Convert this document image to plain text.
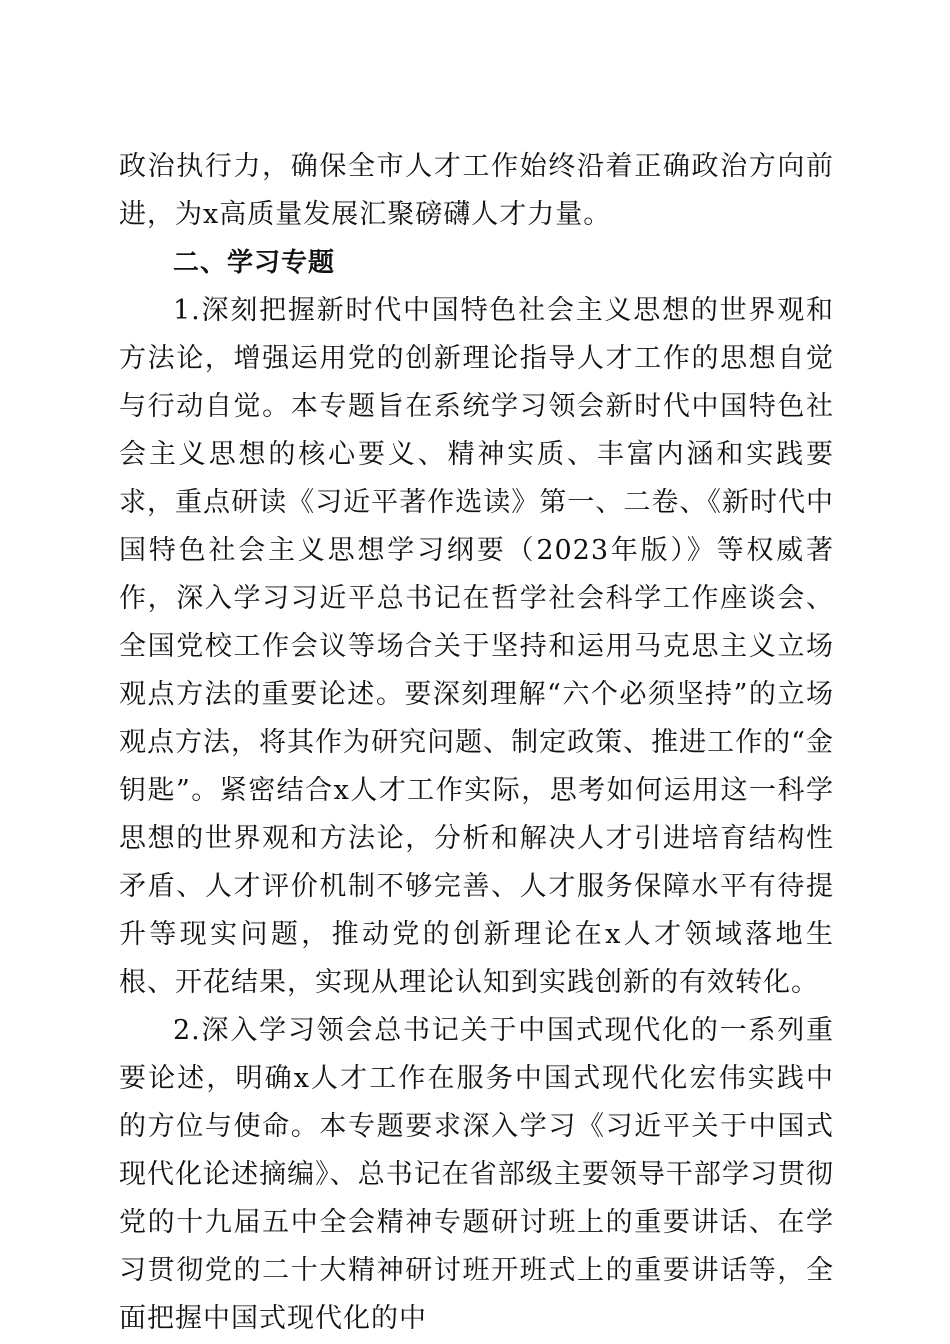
政治执行力，确保全市人才工作始终沿着正确政治方向前进，为x高质量发展汇聚磅礴人才力量。

二、学习专题

1.深刻把握新时代中国特色社会主义思想的世界观和方法论，增强运用党的创新理论指导人才工作的思想自觉与行动自觉。本专题旨在系统学习领会新时代中国特色社会主义思想的核心要义、精神实质、丰富内涵和实践要求，重点研读《习近平著作选读》第一、二卷、《新时代中国特色社会主义思想学习纲要（2023年版）》等权威著作，深入学习习近平总书记在哲学社会科学工作座谈会、全国党校工作会议等场合关于坚持和运用马克思主义立场观点方法的重要论述。要深刻理解“六个必须坚持”的立场观点方法，将其作为研究问题、制定政策、推进工作的“金钥匙”。紧密结合x人才工作实际，思考如何运用这一科学思想的世界观和方法论，分析和解决人才引进培育结构性矛盾、人才评价机制不够完善、人才服务保障水平有待提升等现实问题，推动党的创新理论在x人才领域落地生根、开花结果，实现从理论认知到实践创新的有效转化。

2.深入学习领会总书记关于中国式现代化的一系列重要论述，明确x人才工作在服务中国式现代化宏伟实践中的方位与使命。本专题要求深入学习《习近平关于中国式现代化论述摘编》、总书记在省部级主要领导干部学习贯彻党的十九届五中全会精神专题研讨班上的重要讲话、在学习贯彻党的二十大精神研讨班开班式上的重要讲话等，全面把握中国式现代化的中
